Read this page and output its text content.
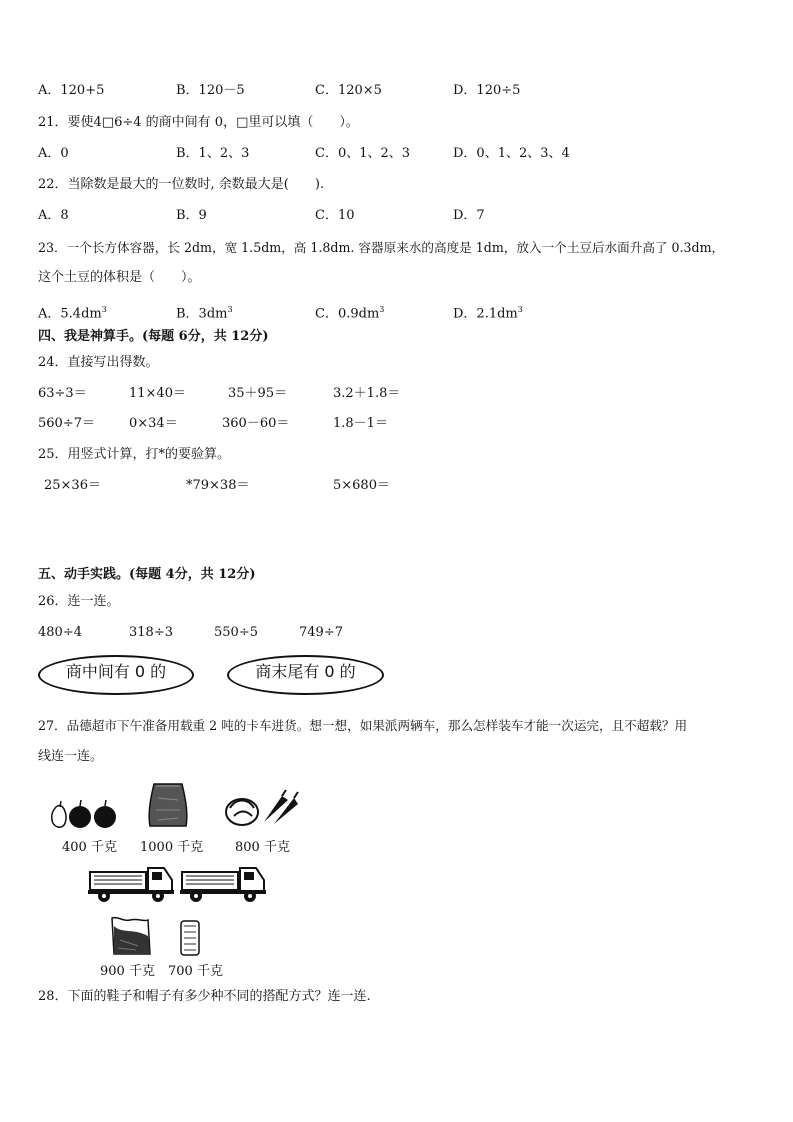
A．120+5	B．120－5	C．120×5	D．120÷5
21．要使4□6÷4 的商中间有 0，□里可以填（　　）。
A．0	B．1、2、3	C．0、1、2、3	D．0、1、2、3、4
22．当除数是最大的一位数时, 余数最大是(　　).
A．8	B．9	C．10	D．7
23．一个长方体容器，长 2dm，宽 1.5dm，高 1.8dm. 容器原来水的高度是 1dm，放入一个土豆后水面升高了 0.3dm，
这个土豆的体积是（　　）。
A．$5.4dm^3$	B．$3dm^3$	C．$0.9dm^3$	D．$2.1dm^3$
四、我是神算手。(每题 6分，共 12分)
24．直接写出得数。
63÷3＝	11×40＝	35＋95＝	3.2＋1.8＝
560÷7＝	0×34＝	360－60＝	1.8－1＝
25．用竖式计算，打*的要验算。
25×36＝	*79×38＝	5×680＝
五、动手实践。(每题 4分，共 12分)
26．连一连。
480÷4	318÷3	550÷5	749÷7
商中间有 0 的	商末尾有 0 的
27．品德超市下午准备用载重 2 吨的卡车进货。想一想，如果派两辆车，那么怎样装车才能一次运完，且不超载？用
线连一连。
400 千克 1000 千克 800 千克
900 千克 700 千克
28．下面的鞋子和帽子有多少种不同的搭配方式？连一连.
